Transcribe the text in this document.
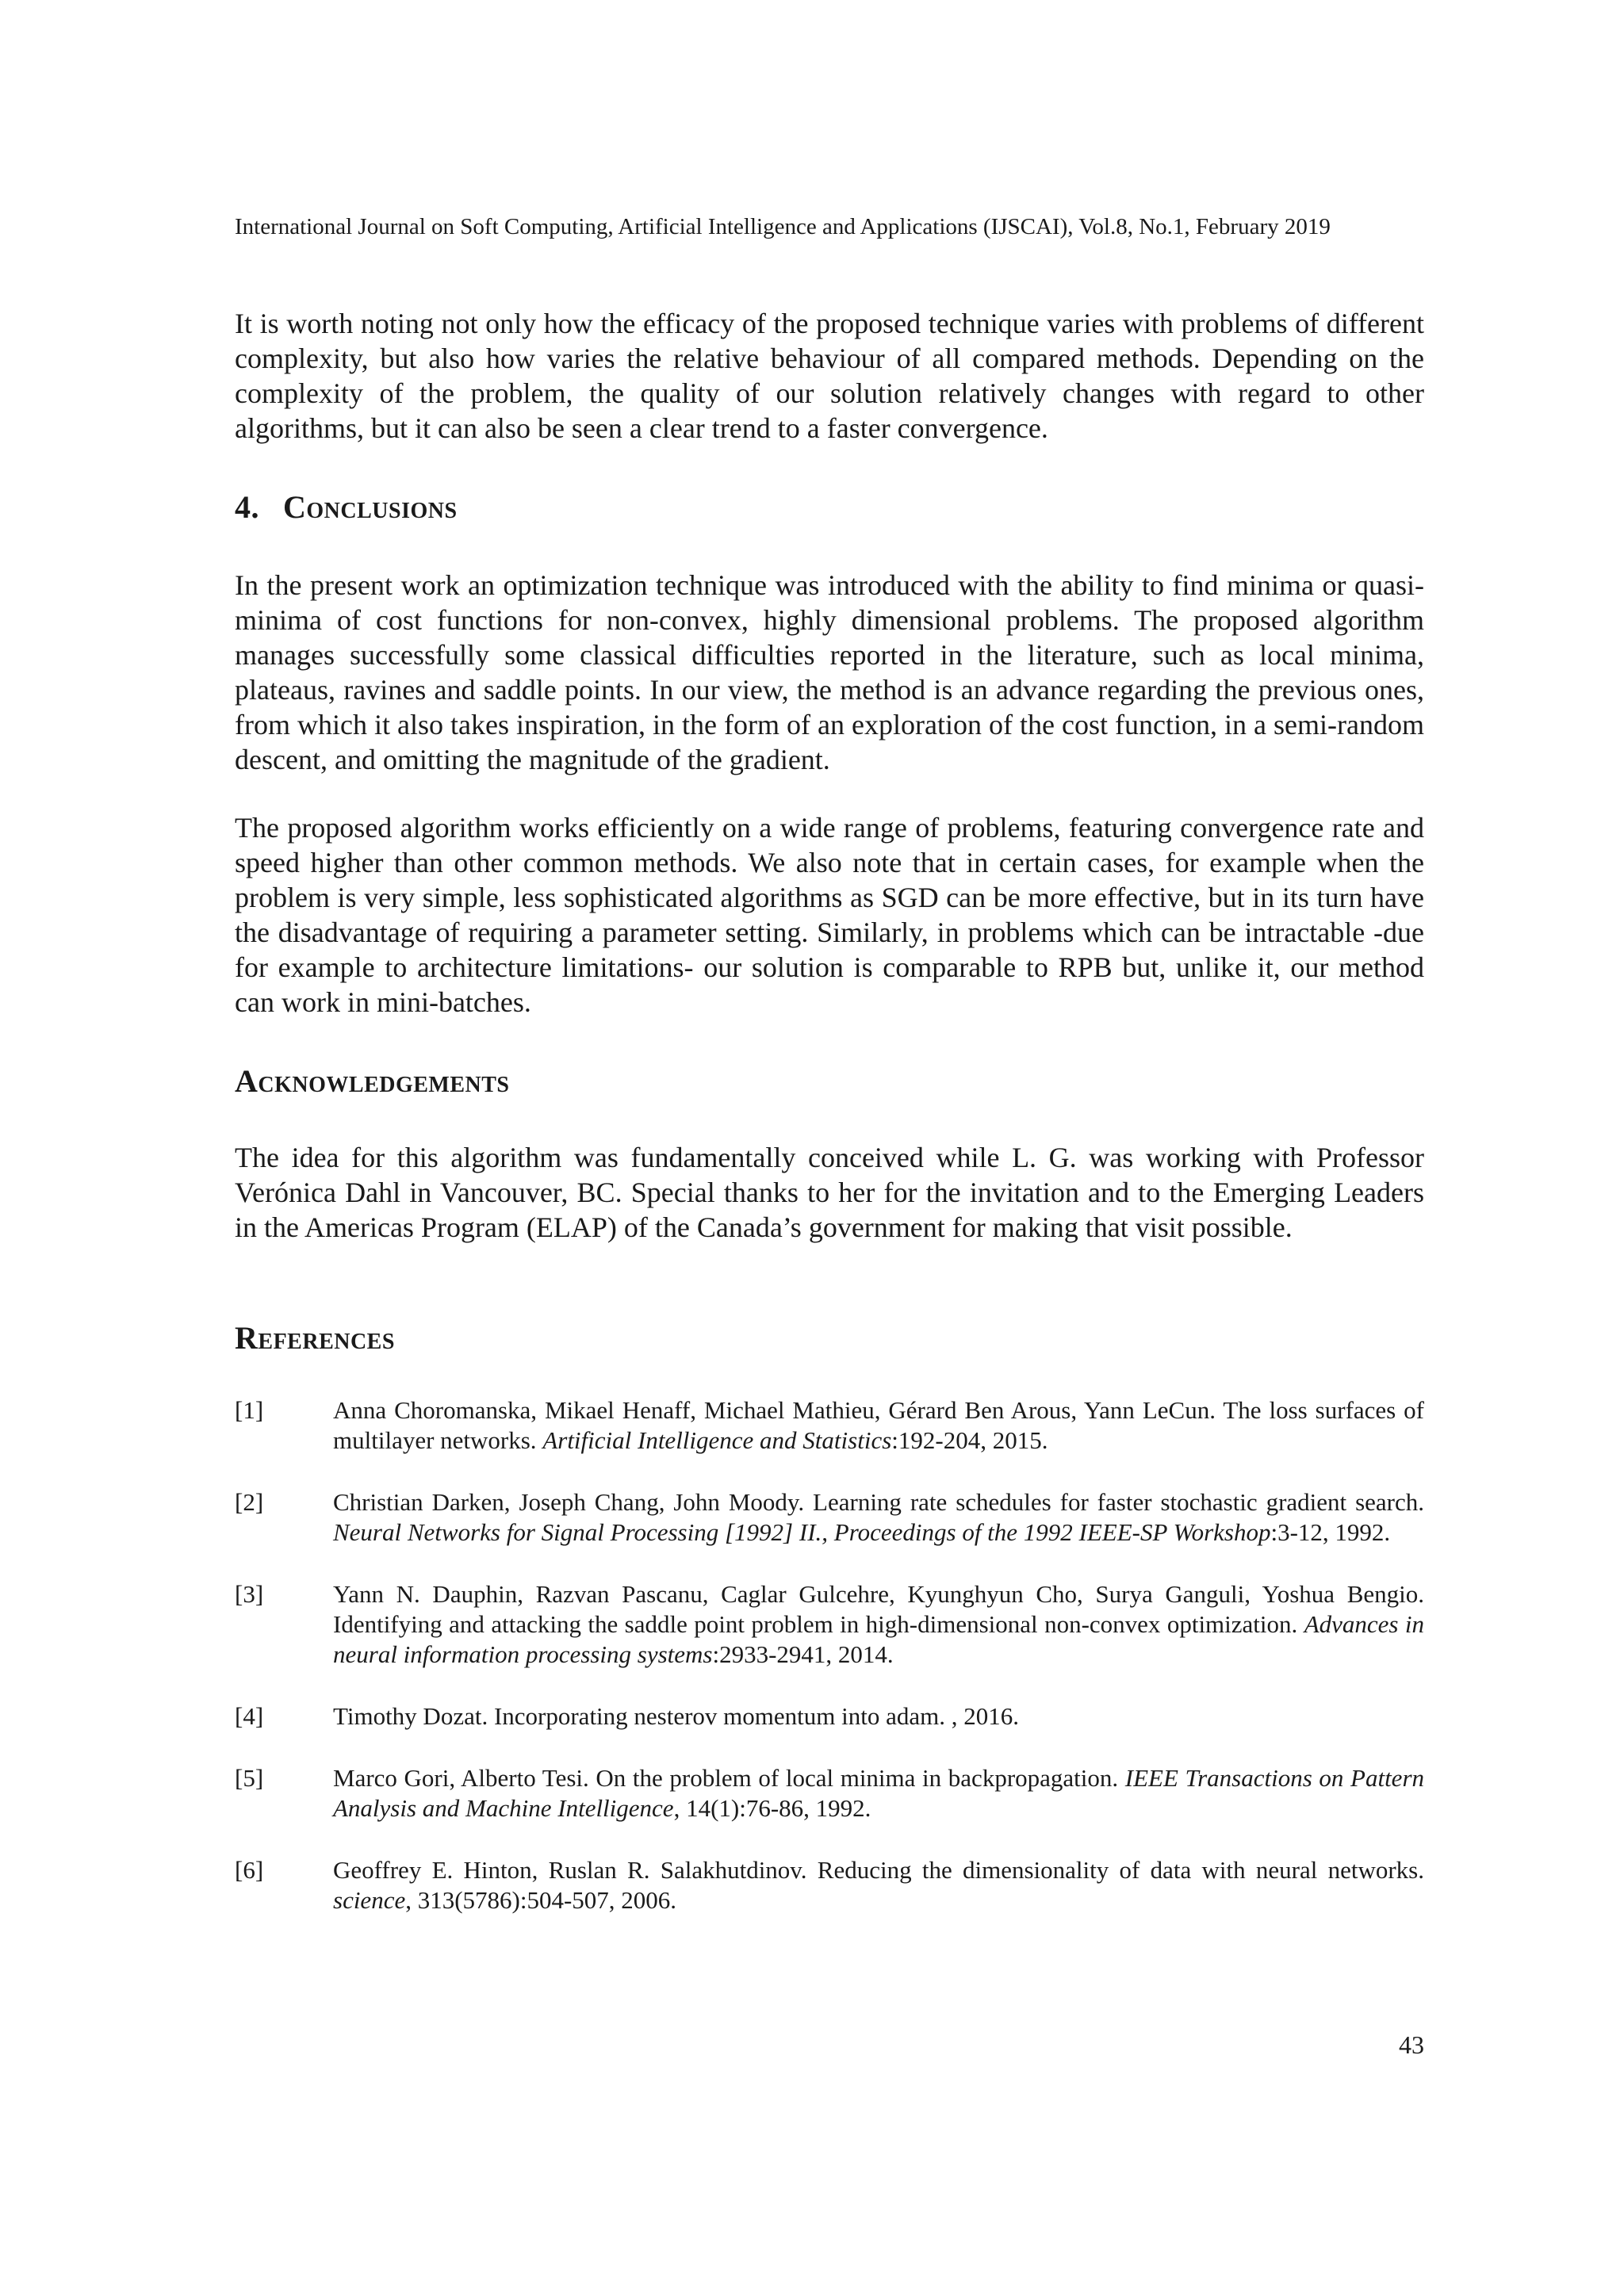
International Journal on Soft Computing, Artificial Intelligence and Applications (IJSCAI), Vol.8, No.1, February 2019

It is worth noting not only how the efficacy of the proposed technique varies with problems of different complexity, but also how varies the relative behaviour of all compared methods. Depending on the complexity of the problem, the quality of our solution relatively changes with regard to other algorithms, but it can also be seen a clear trend to a faster convergence.

4. Conclusions

In the present work an optimization technique was introduced with the ability to find minima or quasi-minima of cost functions for non-convex, highly dimensional problems. The proposed algorithm manages successfully some classical difficulties reported in the literature, such as local minima, plateaus, ravines and saddle points. In our view, the method is an advance regarding the previous ones, from which it also takes inspiration, in the form of an exploration of the cost function, in a semi-random descent, and omitting the magnitude of the gradient.

The proposed algorithm works efficiently on a wide range of problems, featuring convergence rate and speed higher than other common methods. We also note that in certain cases, for example when the problem is very simple, less sophisticated algorithms as SGD can be more effective, but in its turn have the disadvantage of requiring a parameter setting. Similarly, in problems which can be intractable -due for example to architecture limitations- our solution is comparable to RPB but, unlike it, our method can work in mini-batches.

Acknowledgements

The idea for this algorithm was fundamentally conceived while L. G. was working with Professor Verónica Dahl in Vancouver, BC. Special thanks to her for the invitation and to the Emerging Leaders in the Americas Program (ELAP) of the Canada’s government for making that visit possible.

References
[1]	Anna Choromanska, Mikael Henaff, Michael Mathieu, Gérard Ben Arous, Yann LeCun. The loss surfaces of multilayer networks. Artificial Intelligence and Statistics:192-204, 2015.
[2]	Christian Darken, Joseph Chang, John Moody. Learning rate schedules for faster stochastic gradient search. Neural Networks for Signal Processing [1992] II., Proceedings of the 1992 IEEE-SP Workshop:3-12, 1992.
[3]	Yann N. Dauphin, Razvan Pascanu, Caglar Gulcehre, Kyunghyun Cho, Surya Ganguli, Yoshua Bengio. Identifying and attacking the saddle point problem in high-dimensional non-convex optimization. Advances in neural information processing systems:2933-2941, 2014.
[4]	Timothy Dozat. Incorporating nesterov momentum into adam. , 2016.
[5]	Marco Gori, Alberto Tesi. On the problem of local minima in backpropagation. IEEE Transactions on Pattern Analysis and Machine Intelligence, 14(1):76-86, 1992.
[6]	Geoffrey E. Hinton, Ruslan R. Salakhutdinov. Reducing the dimensionality of data with neural networks. science, 313(5786):504-507, 2006.
43
